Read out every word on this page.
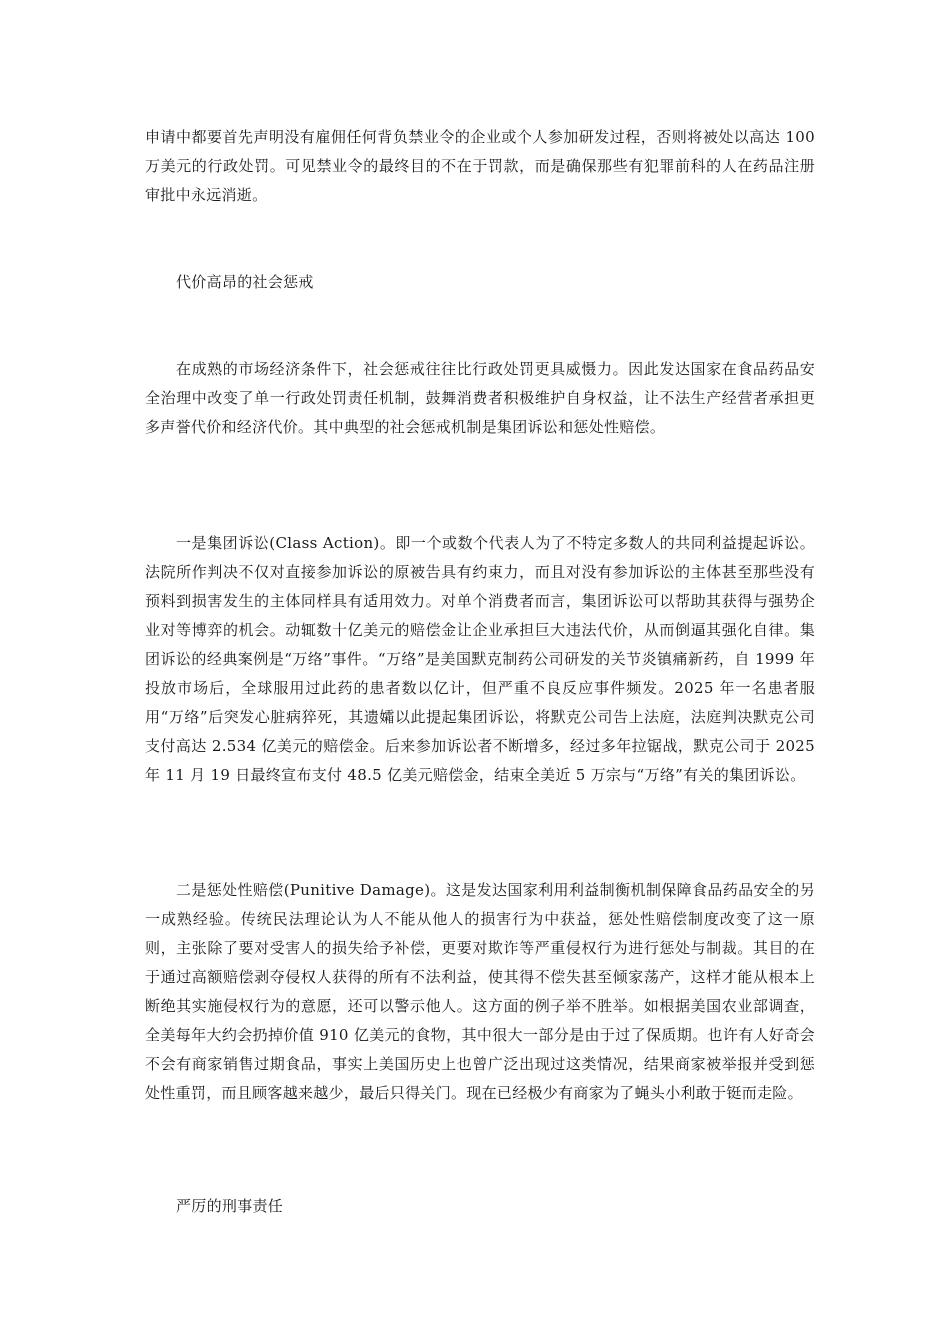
申请中都要首先声明没有雇佣任何背负禁业令的企业或个人参加研发过程，否则将被处以高达 100 万美元的行政处罚。可见禁业令的最终目的不在于罚款，而是确保那些有犯罪前科的人在药品注册审批中永远消逝。

代价高昂的社会惩戒

在成熟的市场经济条件下，社会惩戒往往比行政处罚更具威慑力。因此发达国家在食品药品安全治理中改变了单一行政处罚责任机制，鼓舞消费者积极维护自身权益，让不法生产经营者承担更多声誉代价和经济代价。其中典型的社会惩戒机制是集团诉讼和惩处性赔偿。

一是集团诉讼(Class Action)。即一个或数个代表人为了不特定多数人的共同利益提起诉讼。法院所作判决不仅对直接参加诉讼的原被告具有约束力，而且对没有参加诉讼的主体甚至那些没有预料到损害发生的主体同样具有适用效力。对单个消费者而言，集团诉讼可以帮助其获得与强势企业对等博弈的机会。动辄数十亿美元的赔偿金让企业承担巨大违法代价，从而倒逼其强化自律。集团诉讼的经典案例是“万络”事件。“万络”是美国默克制药公司研发的关节炎镇痛新药，自 1999 年投放市场后，全球服用过此药的患者数以亿计，但严重不良反应事件频发。2025 年一名患者服用“万络”后突发心脏病猝死，其遗孀以此提起集团诉讼，将默克公司告上法庭，法庭判决默克公司支付高达 2.534 亿美元的赔偿金。后来参加诉讼者不断增多，经过多年拉锯战，默克公司于 2025 年 11 月 19 日最终宣布支付 48.5 亿美元赔偿金，结束全美近 5 万宗与“万络”有关的集团诉讼。

二是惩处性赔偿(Punitive Damage)。这是发达国家利用利益制衡机制保障食品药品安全的另一成熟经验。传统民法理论认为人不能从他人的损害行为中获益，惩处性赔偿制度改变了这一原则，主张除了要对受害人的损失给予补偿，更要对欺诈等严重侵权行为进行惩处与制裁。其目的在于通过高额赔偿剥夺侵权人获得的所有不法利益，使其得不偿失甚至倾家荡产，这样才能从根本上断绝其实施侵权行为的意愿，还可以警示他人。这方面的例子举不胜举。如根据美国农业部调查，全美每年大约会扔掉价值 910 亿美元的食物，其中很大一部分是由于过了保质期。也许有人好奇会不会有商家销售过期食品，事实上美国历史上也曾广泛出现过这类情况，结果商家被举报并受到惩处性重罚，而且顾客越来越少，最后只得关门。现在已经极少有商家为了蝇头小利敢于铤而走险。

严厉的刑事责任
